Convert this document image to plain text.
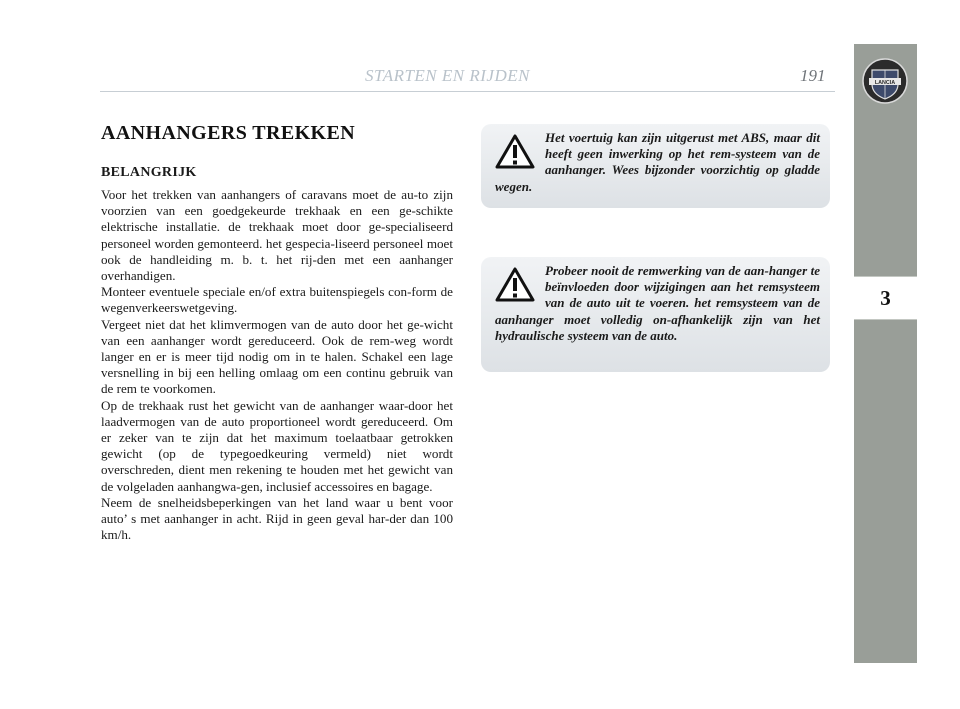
STARTEN EN RIJDEN	191	LANCIA
3
AANHANGERS TREKKEN
BELANGRIJK

Voor het trekken van aanhangers of caravans moet de au-to zijn voorzien van een goedgekeurde trekhaak en een ge-schikte elektrische installatie. de trekhaak moet door ge-specialiseerd personeel worden gemonteerd. het gespecia-liseerd personeel moet ook de handleiding m. b. t. het rij-den met een aanhanger overhandigen.

Monteer eventuele speciale en/of extra buitenspiegels con-form de wegenverkeerswetgeving.

Vergeet niet dat het klimvermogen van de auto door het ge-wicht van een aanhanger wordt gereduceerd. Ook de rem-weg wordt langer en er is meer tijd nodig om in te halen. Schakel een lage versnelling in bij een helling omlaag om een continu gebruik van de rem te voorkomen.

Op de trekhaak rust het gewicht van de aanhanger waar-door het laadvermogen van de auto proportioneel wordt gereduceerd. Om er zeker van te zijn dat het maximum toelaatbaar getrokken gewicht (op de typegoedkeuring vermeld) niet wordt overschreden, dient men rekening te houden met het gewicht van de volgeladen aanhangwa-gen, inclusief accessoires en bagage.

Neem de snelheidsbeperkingen van het land waar u bent voor auto’ s met aanhanger in acht. Rijd in geen geval har-der dan 100 km/h.

Het voertuig kan zijn uitgerust met ABS, maar dit heeft geen inwerking op het rem-systeem van de aanhanger. Wees bijzonder voorzichtig op gladde wegen.
Probeer nooit de remwerking van de aan-hanger te beïnvloeden door wijzigingen aan het remsysteem van de auto uit te voeren. het remsysteem van de aanhanger moet volledig on-afhankelijk zijn van het hydraulische systeem van de auto.
